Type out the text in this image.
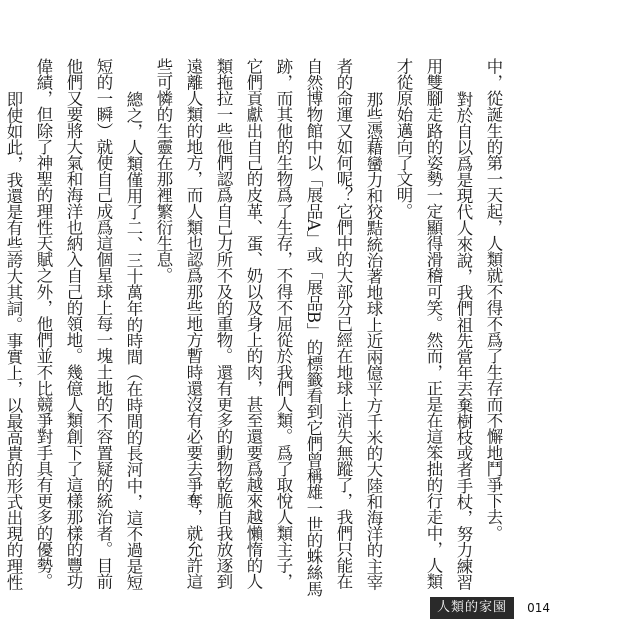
中，從誕生的第一天起，人類就不得不爲了生存而不懈地鬥爭下去。

對於自以爲是現代人來說，我們祖先當年丟棄樹枝或者手杖，努力練習用雙腳走路的姿勢一定顯得滑稽可笑。然而，正是在這笨拙的行走中，人類才從原始邁向了文明。

那些憑藉蠻力和狡黠統治著地球上近兩億平方千米的大陸和海洋的主宰者的命運又如何呢？它們中的大部分已經在地球上消失無蹤了，我們只能在自然博物館中以「展品A」或「展品B」的標籤看到它們曾稱雄一世的蛛絲馬跡，而其他的生物爲了生存，不得不屈從於我們人類。爲了取悅人類主子，它們貢獻出自己的皮革、蛋、奶以及身上的肉，甚至還要爲越來越懶惰的人類拖拉一些他們認爲自己力所不及的重物。還有更多的動物乾脆自我放逐到遠離人類的地方，而人類也認爲那些地方暫時還沒有必要去爭奪，就允許這些可憐的生靈在那裡繁衍生息。

總之，人類僅用了二、三十萬年的時間（在時間的長河中，這不過是短短的一瞬）就使自己成爲這個星球上每一塊土地的不容置疑的統治者。目前他們又要將大氣和海洋也納入自己的領地。幾億人類創下了這樣那樣的豐功偉績，但除了神聖的理性天賦之外，他們並不比競爭對手具有更多的優勢。

即使如此，我還是有些誇大其詞。事實上，以最高貴的形式出現的理性

人類的家園	014
